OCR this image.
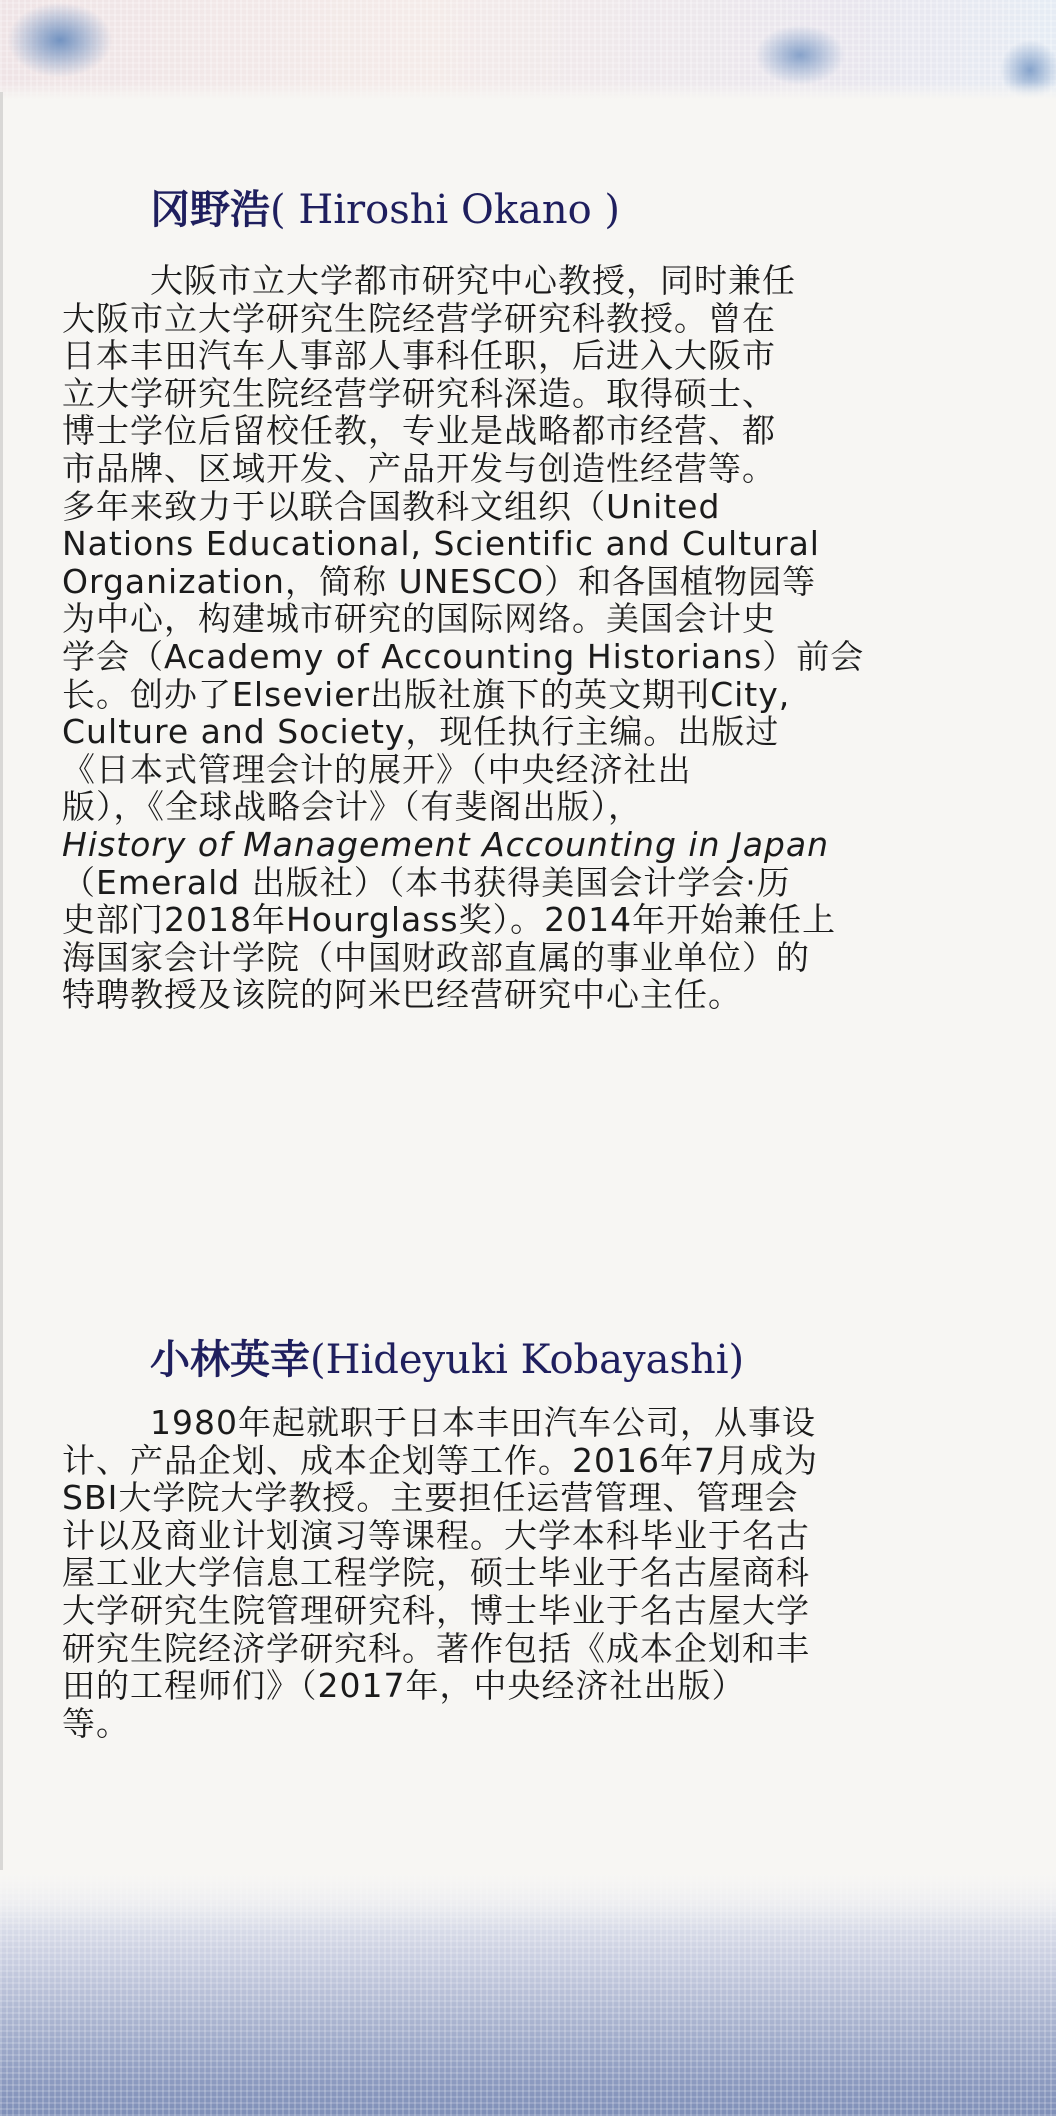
冈野浩( Hiroshi Okano )
大阪市立大学都市研究中心教授，同时兼任
大阪市立大学研究生院经营学研究科教授。曾在
日本丰田汽车人事部人事科任职，后进入大阪市
立大学研究生院经营学研究科深造。取得硕士、
博士学位后留校任教，专业是战略都市经营、都
市品牌、区域开发、产品开发与创造性经营等。
多年来致力于以联合国教科文组织（United
Nations Educational, Scientific and Cultural
Organization，简称 UNESCO）和各国植物园等
为中心，构建城市研究的国际网络。美国会计史
学会（Academy of Accounting Historians）前会
长。创办了Elsevier出版社旗下的英文期刊City,
Culture and Society，现任执行主编。出版过
《日本式管理会计的展开》（中央经济社出
版），《全球战略会计》（有斐阁出版），
History of Management Accounting in Japan
（Emerald 出版社）（本书获得美国会计学会·历
史部门2018年Hourglass奖）。2014年开始兼任上
海国家会计学院（中国财政部直属的事业单位）的
特聘教授及该院的阿米巴经营研究中心主任。
小林英幸(Hideyuki Kobayashi)
1980年起就职于日本丰田汽车公司，从事设
计、产品企划、成本企划等工作。2016年7月成为
SBI大学院大学教授。主要担任运营管理、管理会
计以及商业计划演习等课程。大学本科毕业于名古
屋工业大学信息工程学院，硕士毕业于名古屋商科
大学研究生院管理研究科，博士毕业于名古屋大学
研究生院经济学研究科。著作包括《成本企划和丰
田的工程师们》（2017年，中央经济社出版）
等。
